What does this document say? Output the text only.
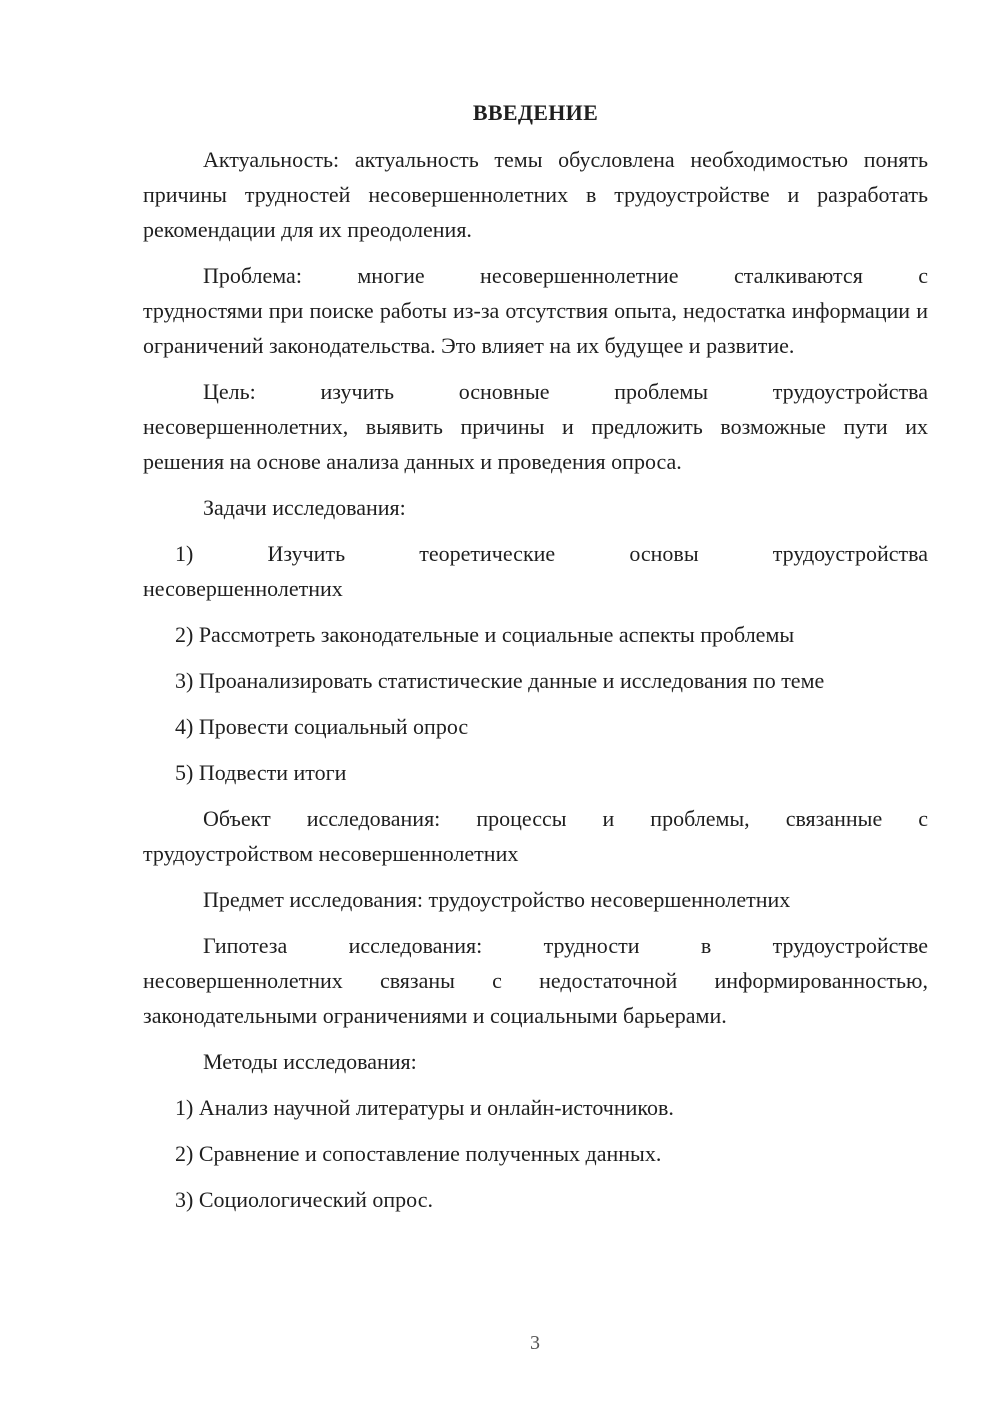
ВВЕДЕНИЕ
Актуальность: актуальность темы обусловлена необходимостью понять причины трудностей несовершеннолетних в трудоустройстве и разработать рекомендации для их преодоления.
Проблема:	многие несовершеннолетние сталкиваются с
трудностями при поиске работы из-за отсутствия опыта, недостатка информации и ограничений законодательства. Это влияет на их будущее и развитие.
Цель:	изучить основные проблемы трудоустройства
несовершеннолетних, выявить причины и предложить возможные пути их решения на основе анализа данных и проведения опроса.
Задачи исследования:
1) Изучить теоретические основы трудоустройства
несовершеннолетних
2) Рассмотреть законодательные и социальные аспекты проблемы
3) Проанализировать статистические данные и исследования по теме
4) Провести социальный опрос
5) Подвести итоги
Объект исследования: процессы и проблемы, связанные с
трудоустройством несовершеннолетних
Предмет исследования: трудоустройство несовершеннолетних
Гипотеза исследования:	трудности в трудоустройстве
несовершеннолетних связаны с недостаточной информированностью, законодательными ограничениями и социальными барьерами.
Методы исследования:
1) Анализ научной литературы и онлайн-источников.
2) Сравнение и сопоставление полученных данных.
3) Социологический опрос.
3
